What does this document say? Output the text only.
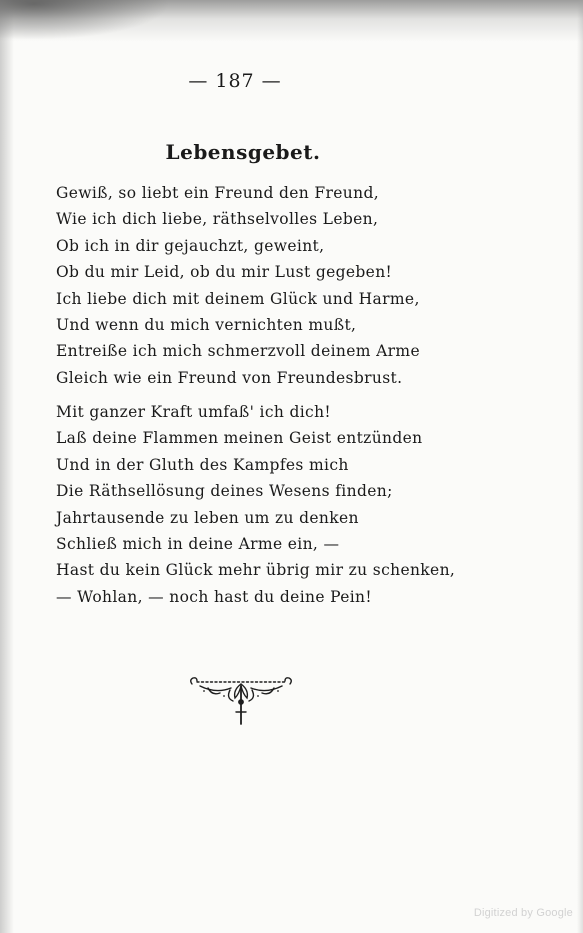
— 187 —
Lebensgebet.
Gewiß, so liebt ein Freund den Freund,
Wie ich dich liebe, räthselvolles Leben,
Ob ich in dir gejauchzt, geweint,
Ob du mir Leid, ob du mir Lust gegeben!
Ich liebe dich mit deinem Glück und Harme,
Und wenn du mich vernichten mußt,
Entreiße ich mich schmerzvoll deinem Arme
Gleich wie ein Freund von Freundesbrust.
Mit ganzer Kraft umfaß' ich dich!
Laß deine Flammen meinen Geist entzünden
Und in der Gluth des Kampfes mich
Die Räthsellösung deines Wesens finden;
Jahrtausende zu leben um zu denken
Schließ mich in deine Arme ein, —
Hast du kein Glück mehr übrig mir zu schenken,
— Wohlan, — noch hast du deine Pein!
Digitized by Google
